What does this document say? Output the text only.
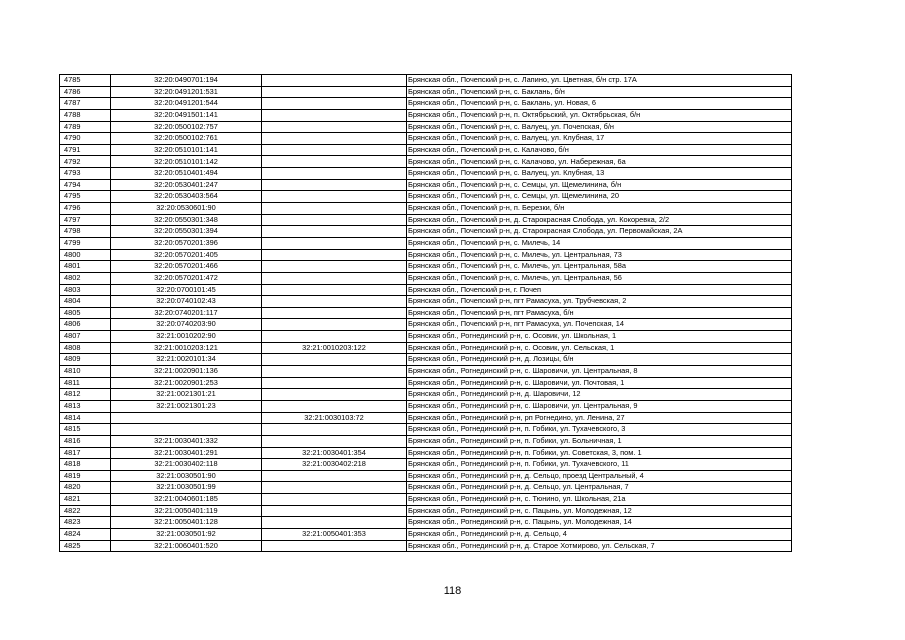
4785	32:20:0490701:194		Брянская обл., Почепский р-н, с. Лапино, ул. Цветная, б/н стр. 17А
4786	32:20:0491201:531		Брянская обл., Почепский р-н, с. Баклань, б/н
4787	32:20:0491201:544		Брянская обл., Почепский р-н, с. Баклань, ул. Новая, 6
4788	32:20:0491501:141		Брянская обл., Почепский р-н, п. Октябрьский, ул. Октябрьская, б/н
4789	32:20:0500102:757		Брянская обл., Почепский р-н, с. Валуец, ул. Почепская, б/н
4790	32:20:0500102:761		Брянская обл., Почепский р-н, с. Валуец, ул. Клубная, 17
4791	32:20:0510101:141		Брянская обл., Почепский р-н, с. Калачово, б/н
4792	32:20:0510101:142		Брянская обл., Почепский р-н, с. Калачово, ул. Набережная, 6а
4793	32:20:0510401:494		Брянская обл., Почепский р-н, с. Валуец, ул. Клубная, 13
4794	32:20:0530401:247		Брянская обл., Почепский р-н, с. Семцы, ул. Щемелинина, б/н
4795	32:20:0530403:564		Брянская обл., Почепский р-н, с. Семцы, ул. Щемелинина, 20
4796	32:20:0530601:90		Брянская обл., Почепский р-н, п. Березки, б/н
4797	32:20:0550301:348		Брянская обл., Почепский р-н, д. Старокрасная Слобода, ул. Кокоревка, 2/2
4798	32:20:0550301:394		Брянская обл., Почепский р-н, д. Старокрасная Слобода, ул. Первомайская, 2А
4799	32:20:0570201:396		Брянская обл., Почепский р-н, с. Милечь, 14
4800	32:20:0570201:405		Брянская обл., Почепский р-н, с. Милечь, ул. Центральная, 73
4801	32:20:0570201:466		Брянская обл., Почепский р-н, с. Милечь, ул. Центральная, 58а
4802	32:20:0570201:472		Брянская обл., Почепский р-н, с. Милечь, ул. Центральная, 56
4803	32:20:0700101:45		Брянская обл., Почепский р-н, г. Почеп
4804	32:20:0740102:43		Брянская обл., Почепский р-н, пгт Рамасуха, ул. Трубчевская, 2
4805	32:20:0740201:117		Брянская обл., Почепский р-н, пгт Рамасуха, б/н
4806	32:20:0740203:90		Брянская обл., Почепский р-н, пгт Рамасуха, ул. Почепская, 14
4807	32:21:0010202:90		Брянская обл., Рогнединский р-н, с. Осовик, ул. Школьная, 1
4808	32:21:0010203:121	32:21:0010203:122	Брянская обл., Рогнединский р-н, с. Осовик, ул. Сельская, 1
4809	32:21:0020101:34		Брянская обл., Рогнединский р-н, д. Лозицы, б/н
4810	32:21:0020901:136		Брянская обл., Рогнединский р-н, с. Шаровичи, ул. Центральная, 8
4811	32:21:0020901:253		Брянская обл., Рогнединский р-н, с. Шаровичи, ул. Почтовая, 1
4812	32:21:0021301:21		Брянская обл., Рогнединский р-н, д. Шаровичи, 12
4813	32:21:0021301:23		Брянская обл., Рогнединский р-н, с. Шаровичи, ул. Центральная, 9
4814		32:21:0030103:72	Брянская обл., Рогнединский р-н, рп Рогнедино, ул. Ленина, 27
4815			Брянская обл., Рогнединский р-н, п. Гобики, ул. Тухачевского, 3
4816	32:21:0030401:332		Брянская обл., Рогнединский р-н, п. Гобики, ул. Больничная, 1
4817	32:21:0030401:291	32:21:0030401:354	Брянская обл., Рогнединский р-н, п. Гобики, ул. Советская, 3, пом. 1
4818	32:21:0030402:118	32:21:0030402:218	Брянская обл., Рогнединский р-н, п. Гобики, ул. Тухачевского, 11
4819	32:21:0030501:90		Брянская обл., Рогнединский р-н, д. Сельцо, проезд Центральный, 4
4820	32:21:0030501:99		Брянская обл., Рогнединский р-н, д. Сельцо, ул. Центральная, 7
4821	32:21:0040601:185		Брянская обл., Рогнединский р-н, с. Тюнино, ул. Школьная, 21а
4822	32:21:0050401:119		Брянская обл., Рогнединский р-н, с. Пацынь, ул. Молодежная, 12
4823	32:21:0050401:128		Брянская обл., Рогнединский р-н, с. Пацынь, ул. Молодежная, 14
4824	32:21:0030501:92	32:21:0050401:353	Брянская обл., Рогнединский р-н, д. Сельцо, 4
4825	32:21:0060401:520		Брянская обл., Рогнединский р-н, д. Старое Хотмирово, ул. Сельская, 7
118
